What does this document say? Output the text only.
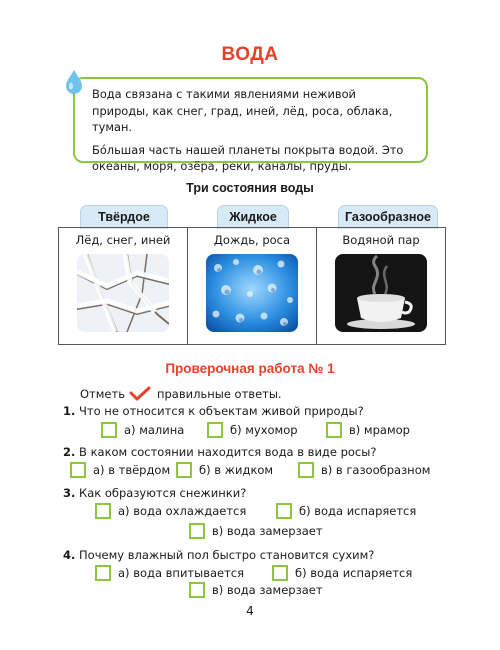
ВОДА

Вода связана с такими явлениями неживой природы, как снег, град, иней, лёд, роса, облака, туман.

Бóльшая часть нашей планеты покрыта водой. Это океаны, моря, озёра, реки, каналы, пруды.

Три состояния воды
Твёрдое	Жидкое	Газообразное
Лёд, снег, иней	Дождь, роса	Водяной пар
Проверочная работа № 1
Отметь	правильные ответы.
1. Что не относится к объектам живой природы?
а) малина	б) мухомор	в) мрамор
2. В каком состоянии находится вода в виде росы?
а) в твёрдом	б) в жидком	в) в газообразном
3. Как образуются снежинки?
а) вода охлаждается	б) вода испаряется
в) вода замерзает
4. Почему влажный пол быстро становится сухим?
а) вода впитывается	б) вода испаряется
в) вода замерзает
4
